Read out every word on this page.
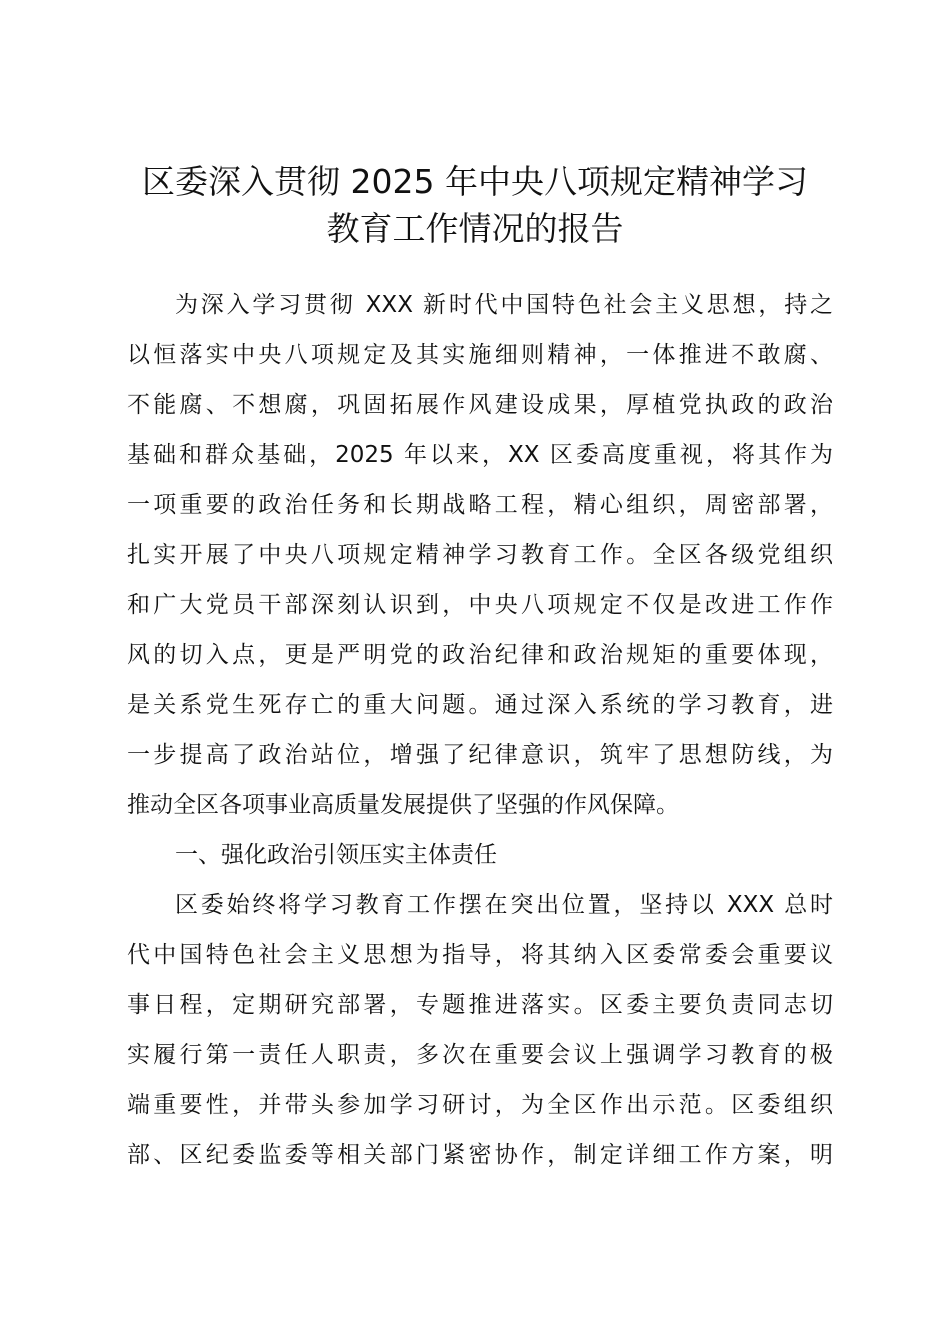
区委深入贯彻 2025 年中央八项规定精神学习
教育工作情况的报告

为深入学习贯彻 XXX 新时代中国特色社会主义思想，持之
以恒落实中央八项规定及其实施细则精神，一体推进不敢腐、
不能腐、不想腐，巩固拓展作风建设成果，厚植党执政的政治
基础和群众基础，2025 年以来，XX 区委高度重视，将其作为
一项重要的政治任务和长期战略工程，精心组织，周密部署，
扎实开展了中央八项规定精神学习教育工作。全区各级党组织
和广大党员干部深刻认识到，中央八项规定不仅是改进工作作
风的切入点，更是严明党的政治纪律和政治规矩的重要体现，
是关系党生死存亡的重大问题。通过深入系统的学习教育，进
一步提高了政治站位，增强了纪律意识，筑牢了思想防线，为
推动全区各项事业高质量发展提供了坚强的作风保障。

一、强化政治引领压实主体责任

区委始终将学习教育工作摆在突出位置，坚持以 XXX 总时
代中国特色社会主义思想为指导，将其纳入区委常委会重要议
事日程，定期研究部署，专题推进落实。区委主要负责同志切
实履行第一责任人职责，多次在重要会议上强调学习教育的极
端重要性，并带头参加学习研讨，为全区作出示范。区委组织
部、区纪委监委等相关部门紧密协作，制定详细工作方案，明
